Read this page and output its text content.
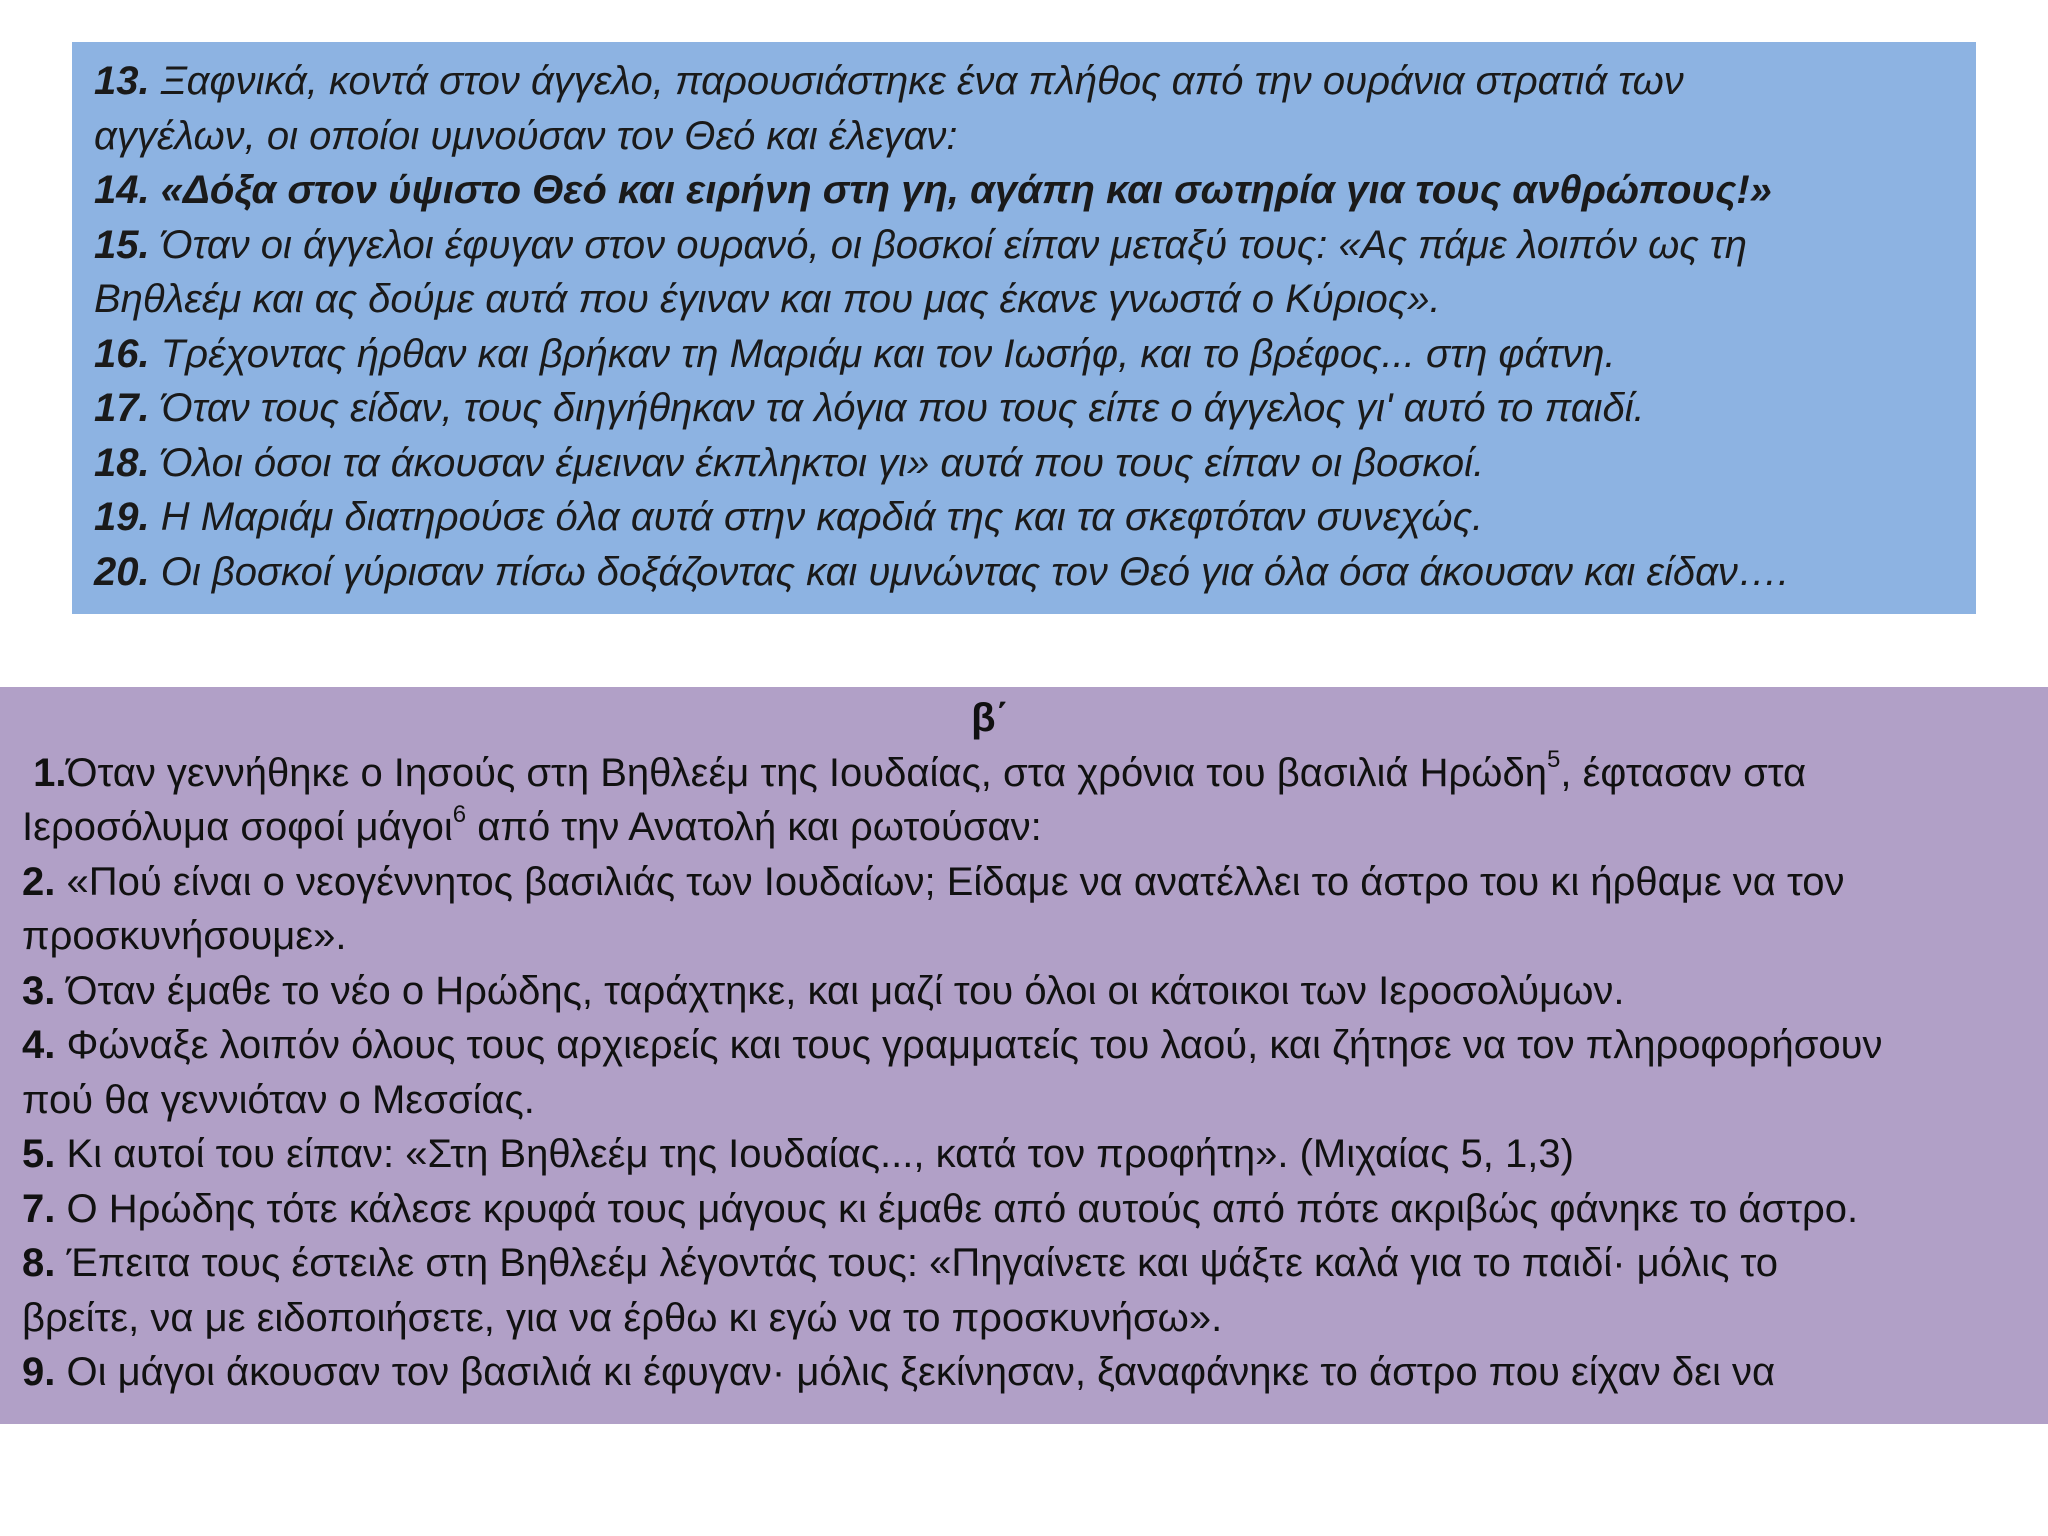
13. Ξαφνικά, κοντά στον άγγελο, παρουσιάστηκε ένα πλήθος από την ουράνια στρατιά των
αγγέλων, οι οποίοι υμνούσαν τον Θεό και έλεγαν:
14. «Δόξα στον ύψιστο Θεό και ειρήνη στη γη, αγάπη και σωτηρία για τους ανθρώπους!»
15. Όταν οι άγγελοι έφυγαν στον ουρανό, οι βοσκοί είπαν μεταξύ τους: «Ας πάμε λοιπόν ως τη
Βηθλεέμ και ας δούμε αυτά που έγιναν και που μας έκανε γνωστά ο Κύριος».
16. Τρέχοντας ήρθαν και βρήκαν τη Μαριάμ και τον Ιωσήφ, και το βρέφος... στη φάτνη.
17. Όταν τους είδαν, τους διηγήθηκαν τα λόγια που τους είπε ο άγγελος γι' αυτό το παιδί.
18. Όλοι όσοι τα άκουσαν έμειναν έκπληκτοι γι» αυτά που τους είπαν οι βοσκοί.
19. Η Μαριάμ διατηρούσε όλα αυτά στην καρδιά της και τα σκεφτόταν συνεχώς.
20. Οι βοσκοί γύρισαν πίσω δοξάζοντας και υμνώντας τον Θεό για όλα όσα άκουσαν και είδαν….
β΄
1.Όταν γεννήθηκε ο Ιησούς στη Βηθλεέμ της Ιουδαίας, στα χρόνια του βασιλιά Ηρώδη$^5$, έφτασαν στα
Ιεροσόλυμα σοφοί μάγοι$^6$ από την Ανατολή και ρωτούσαν:
2. «Πού είναι ο νεογέννητος βασιλιάς των Ιουδαίων; Είδαμε να ανατέλλει το άστρο του κι ήρθαμε να τον
προσκυνήσουμε».
3. Όταν έμαθε το νέο ο Ηρώδης, ταράχτηκε, και μαζί του όλοι οι κάτοικοι των Ιεροσολύμων.
4. Φώναξε λοιπόν όλους τους αρχιερείς και τους γραμματείς του λαού, και ζήτησε να τον πληροφορήσουν
πού θα γεννιόταν ο Μεσσίας.
5. Κι αυτοί του είπαν: «Στη Βηθλεέμ της Ιουδαίας..., κατά τον προφήτη». (Μιχαίας 5, 1,3)
7. Ο Ηρώδης τότε κάλεσε κρυφά τους μάγους κι έμαθε από αυτούς από πότε ακριβώς φάνηκε το άστρο.
8. Έπειτα τους έστειλε στη Βηθλεέμ λέγοντάς τους: «Πηγαίνετε και ψάξτε καλά για το παιδί· μόλις το
βρείτε, να με ειδοποιήσετε, για να έρθω κι εγώ να το προσκυνήσω».
9. Οι μάγοι άκουσαν τον βασιλιά κι έφυγαν· μόλις ξεκίνησαν, ξαναφάνηκε το άστρο που είχαν δει να
